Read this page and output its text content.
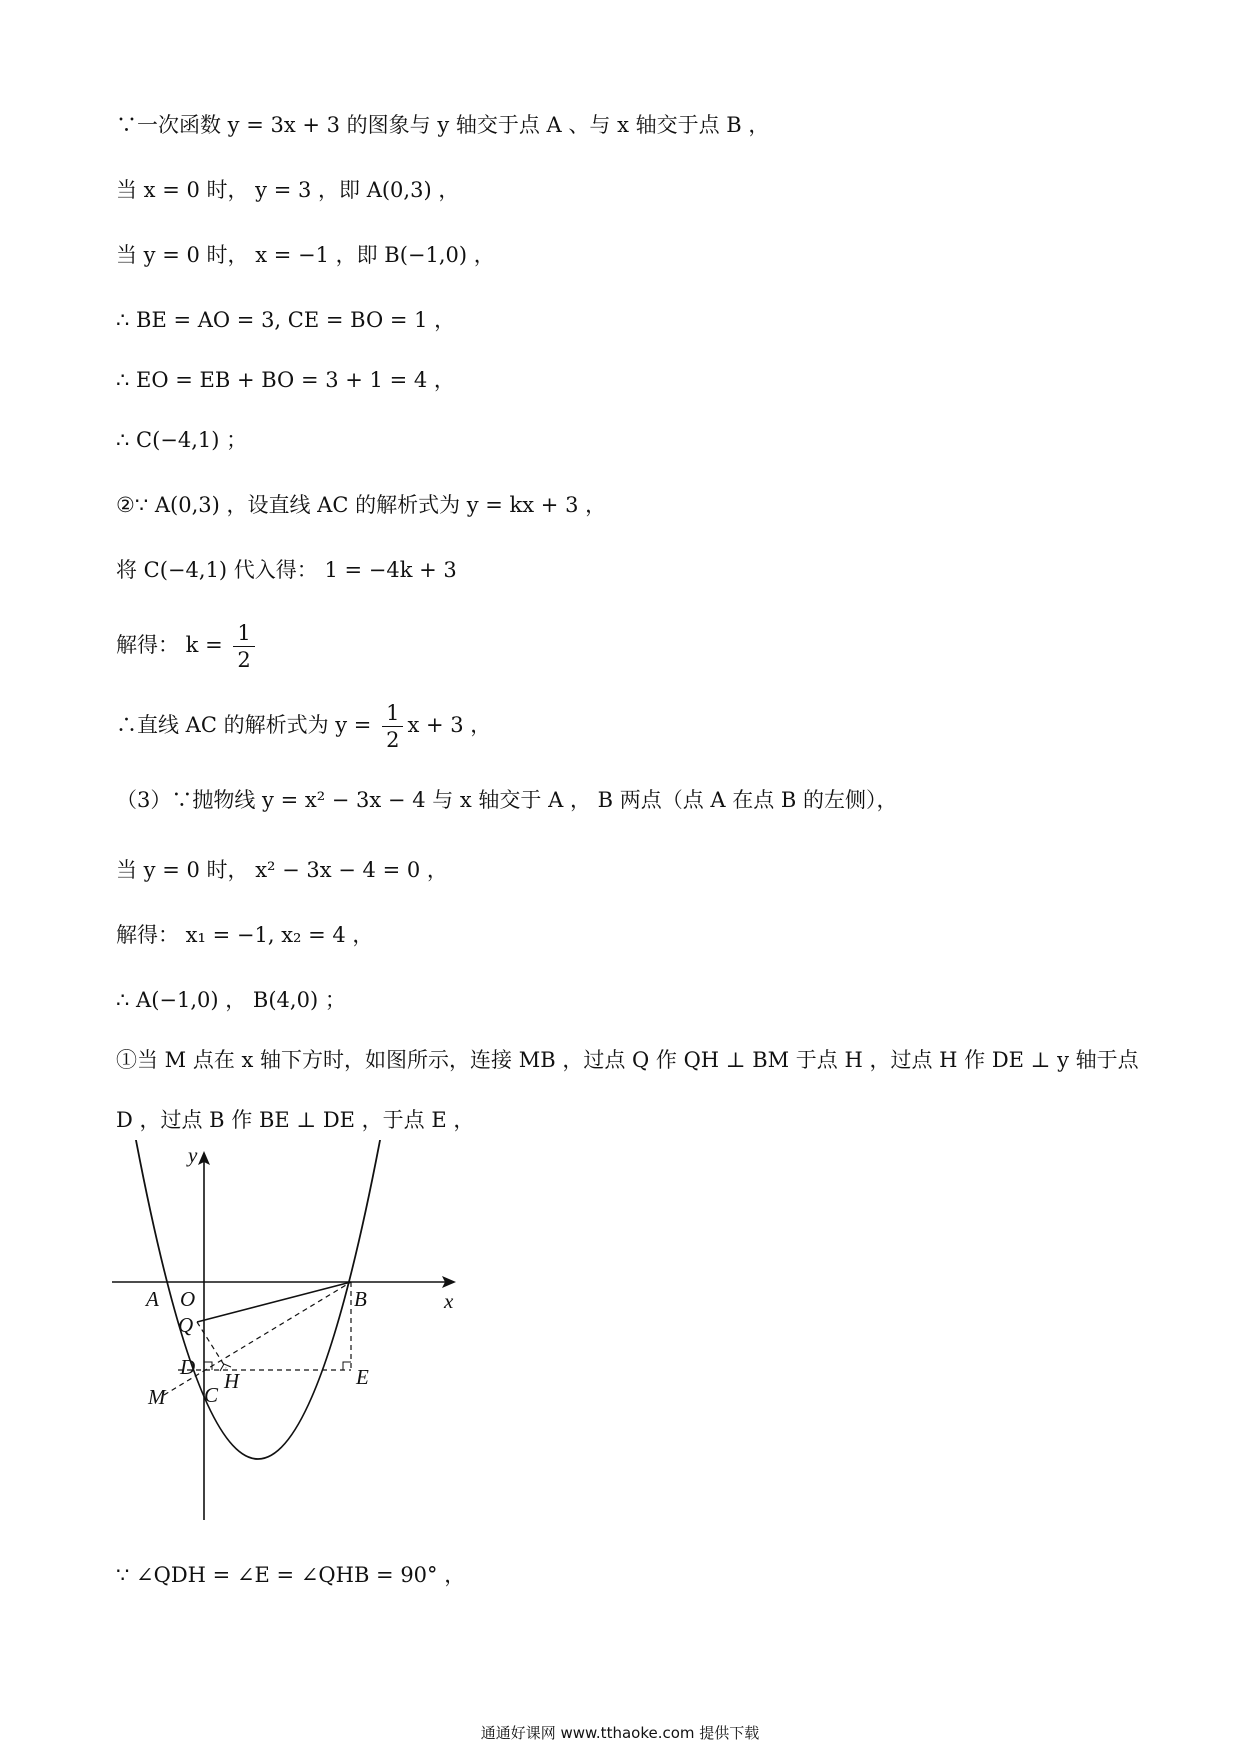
∵一次函数 y = 3x + 3 的图象与 y 轴交于点 A 、与 x 轴交于点 B ，
当 x = 0 时， y = 3 ，即 A(0,3) ，
当 y = 0 时， x = −1 ，即 B(−1,0) ，
∴ BE = AO = 3, CE = BO = 1 ，
∴ EO = EB + BO = 3 + 1 = 4 ，
∴ C(−4,1) ；
②∵ A(0,3) ，设直线 AC 的解析式为 y = kx + 3 ，
将 C(−4,1) 代入得： 1 = −4k + 3
解得： $k = \frac{1}{2}$
∴直线 AC 的解析式为 $y = \frac{1}{2}$ x + 3 ，
（3）∵抛物线 y = x² − 3x − 4 与 x 轴交于 A ， B 两点（点 A 在点 B 的左侧），
当 y = 0 时， x² − 3x − 4 = 0 ，
解得： x₁ = −1, x₂ = 4 ，
∴ A(−1,0) ， B(4,0) ；
①当 M 点在 x 轴下方时，如图所示，连接 MB ，过点 Q 作 QH ⊥ BM 于点 H ，过点 H 作 DE ⊥ y 轴于点
D ，过点 B 作 BE ⊥ DE ，于点 E ，
y
x
A O	B
Q
D
H	E
M C
∵ ∠QDH = ∠E = ∠QHB = 90° ，
通通好课网 www.tthaoke.com 提供下载
